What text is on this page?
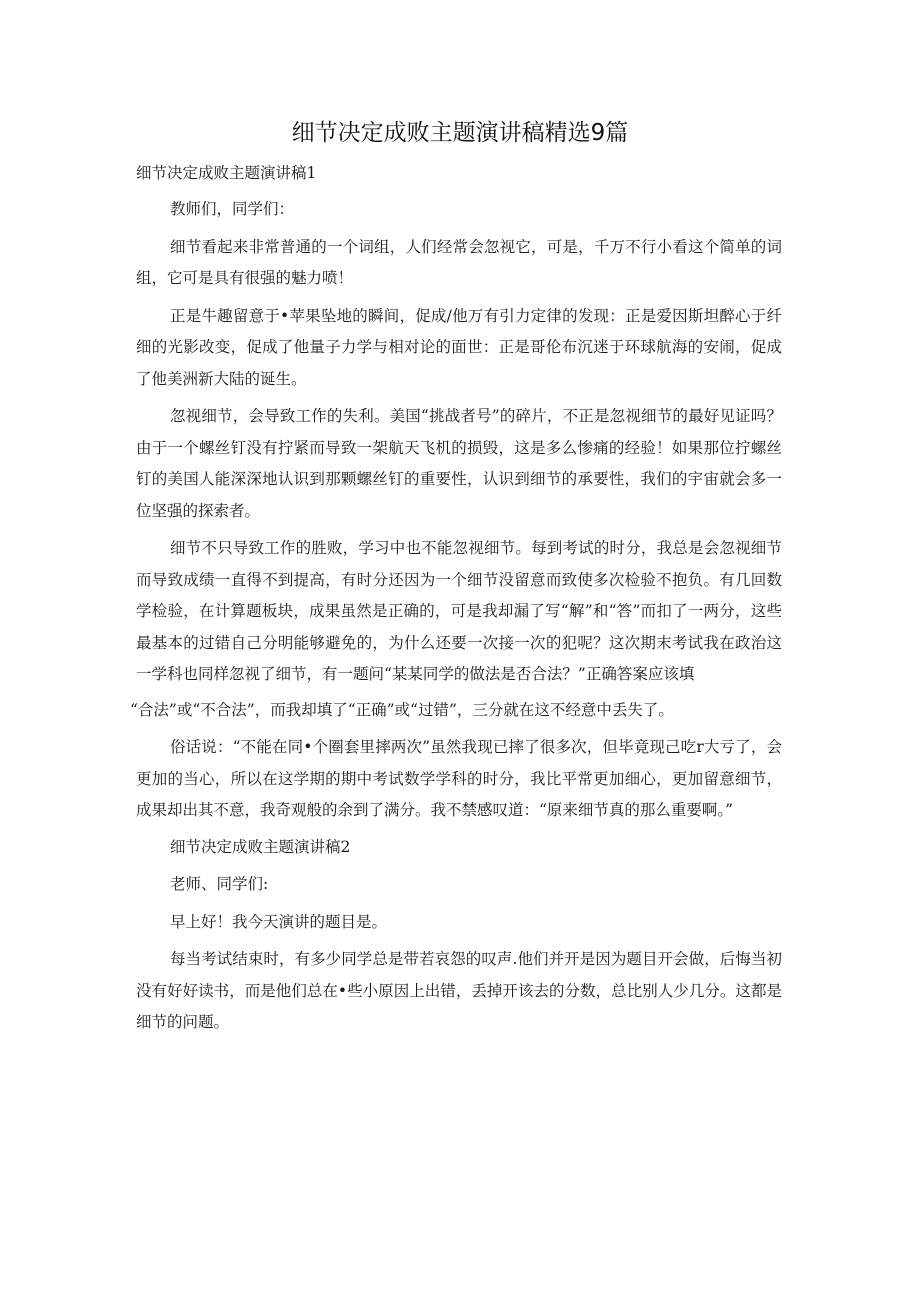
细节决定成败主题演讲稿精选9篇

细节决定成败主题演讲稿1

教师们，同学们：

细节看起来非常普通的一个词组，人们经常会忽视它，可是，千万不行小看这个简单的词组，它可是具有很强的魅力喷！

正是牛趣留意于•苹果坠地的瞬间，促成/他万有引力定律的发现：正是爱因斯坦醉心于纤细的光影改变，促成了他量子力学与相对论的面世：正是哥伦布沉迷于环球航海的安闹，促成了他美洲新大陆的诞生。

忽视细节，会导致工作的失利。美国“挑战者号”的碎片，不正是忽视细节的最好见证吗？由于一个螺丝钉没有拧紧而导致一架航天飞机的损毁，这是多么惨痛的经验！如果那位拧螺丝钉的美国人能深深地认识到那颗螺丝钉的重要性，认识到细节的承要性，我们的宇宙就会多一位坚强的探索者。

细节不只导致工作的胜败，学习中也不能忽视细节。每到考试的时分，我总是会忽视细节而导致成绩一直得不到提高，有时分还因为一个细节没留意而致使多次检验不抱负。有几回数学检验，在计算题板块，成果虽然是正确的，可是我却漏了写“解”和“答”而扣了一两分，这些最基本的过错自己分明能够避免的，为什么还要一次接一次的犯呢？这次期末考试我在政治这一学科也同样忽视了细节，有一题问“某某同学的做法是否合法？”正确答案应该填

“合法”或“不合法”，而我却填了“正确”或“过错”，三分就在这不经意中丢失了。

俗话说：“不能在同•个圈套里摔两次”虽然我现已摔了很多次，但毕竟现己吃r大亏了，会更加的当心，所以在这学期的期中考试数学学科的时分，我比平常更加细心，更加留意细节，成果却出其不意，我奇观般的余到了满分。我不禁感叹道：“原来细节真的那么重要啊。”

细节决定成败主题演讲稿2

老师、同学们:

早上好！我今天演讲的题目是。

每当考试结束时，有多少同学总是带若哀怨的叹声.他们并开是因为题目开会做，后悔当初没有好好读书，而是他们总在•些小原因上出错，丢掉开该去的分数，总比别人少几分。这都是细节的问题。
